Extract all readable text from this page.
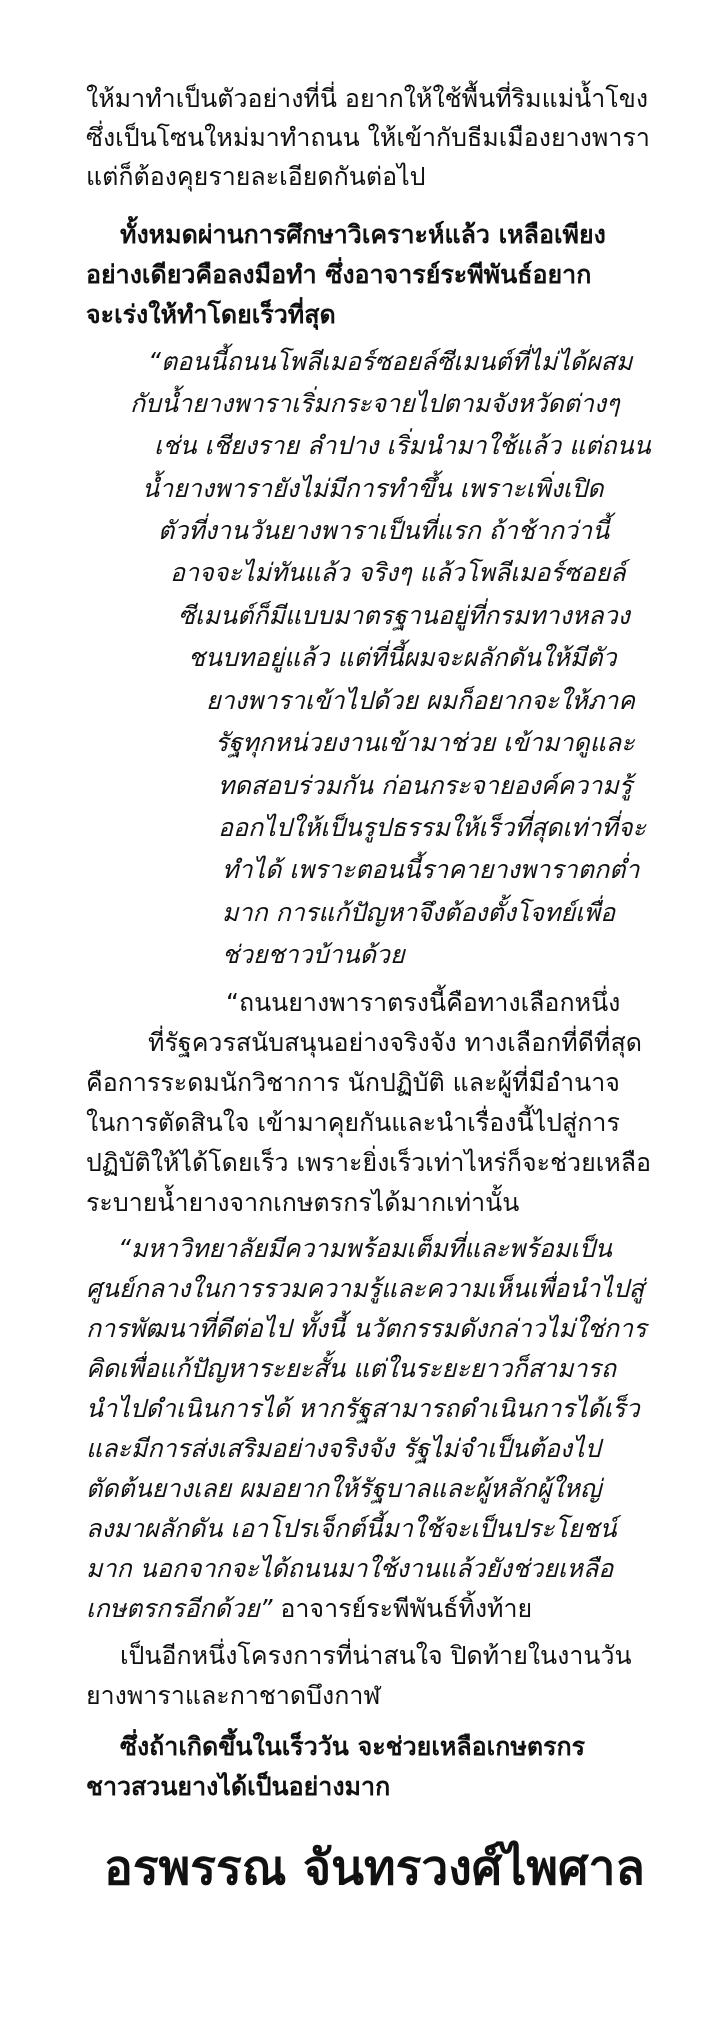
ให้มาทำเป็นตัวอย่างที่นี่ อยากให้ใช้พื้นที่ริมแม่น้ำโขง
ซึ่งเป็นโซนใหม่มาทำถนน ให้เข้ากับธีมเมืองยางพารา
แต่ก็ต้องคุยรายละเอียดกันต่อไป
ทั้งหมดผ่านการศึกษาวิเคราะห์แล้ว เหลือเพียง
อย่างเดียวคือลงมือทำ ซึ่งอาจารย์ระพีพันธ์อยาก
จะเร่งให้ทำโดยเร็วที่สุด
“ตอนนี้ถนนโพลีเมอร์ซอยล์ซีเมนต์ที่ไม่ได้ผสม
กับน้ำยางพาราเริ่มกระจายไปตามจังหวัดต่างๆ
เช่น เชียงราย ลำปาง เริ่มนำมาใช้แล้ว แต่ถนน
น้ำยางพารายังไม่มีการทำขึ้น เพราะเพิ่งเปิด
ตัวที่งานวันยางพาราเป็นที่แรก ถ้าช้ากว่านี้
อาจจะไม่ทันแล้ว จริงๆ แล้วโพลีเมอร์ซอยล์
ซีเมนต์ก็มีแบบมาตรฐานอยู่ที่กรมทางหลวง
ชนบทอยู่แล้ว แต่ที่นี้ผมจะผลักดันให้มีตัว
ยางพาราเข้าไปด้วย ผมก็อยากจะให้ภาค
รัฐทุกหน่วยงานเข้ามาช่วย เข้ามาดูและ
ทดสอบร่วมกัน ก่อนกระจายองค์ความรู้
ออกไปให้เป็นรูปธรรมให้เร็วที่สุดเท่าที่จะ
ทำได้ เพราะตอนนี้ราคายางพาราตกต่ำ
มาก การแก้ปัญหาจึงต้องตั้งโจทย์เพื่อ
ช่วยชาวบ้านด้วย
“ถนนยางพาราตรงนี้คือทางเลือกหนึ่ง
ที่รัฐควรสนับสนุนอย่างจริงจัง ทางเลือกที่ดีที่สุด
คือการระดมนักวิชาการ นักปฏิบัติ และผู้ที่มีอำนาจ
ในการตัดสินใจ เข้ามาคุยกันและนำเรื่องนี้ไปสู่การ
ปฏิบัติให้ได้โดยเร็ว เพราะยิ่งเร็วเท่าไหร่ก็จะช่วยเหลือ
ระบายน้ำยางจากเกษตรกรได้มากเท่านั้น
“มหาวิทยาลัยมีความพร้อมเต็มที่และพร้อมเป็น
ศูนย์กลางในการรวมความรู้และความเห็นเพื่อนำไปสู่
การพัฒนาที่ดีต่อไป ทั้งนี้ นวัตกรรมดังกล่าวไม่ใช่การ
คิดเพื่อแก้ปัญหาระยะสั้น แต่ในระยะยาวก็สามารถ
นำไปดำเนินการได้ หากรัฐสามารถดำเนินการได้เร็ว
และมีการส่งเสริมอย่างจริงจัง รัฐไม่จำเป็นต้องไป
ตัดต้นยางเลย ผมอยากให้รัฐบาลและผู้หลักผู้ใหญ่
ลงมาผลักดัน เอาโปรเจ็กต์นี้มาใช้จะเป็นประโยชน์
มาก นอกจากจะได้ถนนมาใช้งานแล้วยังช่วยเหลือ
เกษตรกรอีกด้วย” อาจารย์ระพีพันธ์ทิ้งท้าย
เป็นอีกหนึ่งโครงการที่น่าสนใจ ปิดท้ายในงานวัน
ยางพาราและกาชาดบึงกาฬ
ซึ่งถ้าเกิดขึ้นในเร็ววัน จะช่วยเหลือเกษตรกร
ชาวสวนยางได้เป็นอย่างมาก
อรพรรณ จันทรวงศ์ไพศาล
